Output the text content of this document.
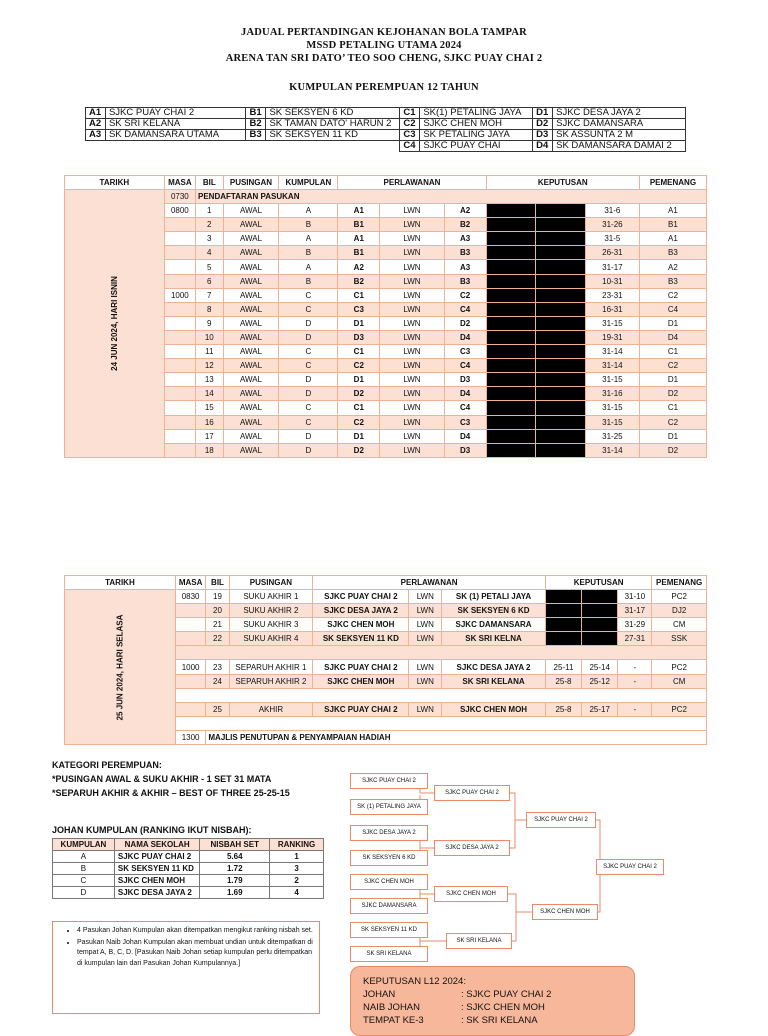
JADUAL PERTANDINGAN KEJOHANAN BOLA TAMPAR
MSSD PETALING UTAMA 2024
ARENA TAN SRI DATO’ TEO SOO CHENG, SJKC PUAY CHAI 2
KUMPULAN PEREMPUAN 12 TAHUN
A1	SJKC PUAY CHAI 2	B1	SK SEKSYEN 6 KD	C1	SK(1) PETALING JAYA	D1	SJKC DESA JAYA 2
A2	SK SRI KELANA	B2	SK TAMAN DATO' HARUN 2	C2	SJKC CHEN MOH	D2	SJKC DAMANSARA
A3	SK DAMANSARA UTAMA	B3	SK SEKSYEN 11 KD	C3	SK PETALING JAYA	D3	SK ASSUNTA 2 M
				C4	SJKC PUAY CHAI	D4	SK DAMANSARA DAMAI 2
TARIKH	MASA	BIL	PUSINGAN	KUMPULAN	PERLAWANAN			KEPUTUSAN			PEMENANG
24 JUN 2024, HARI ISNIN	0730	PENDAFTARAN PASUKAN									
	0800	1	AWAL	A	A1	LWN	A2			31-6	A1
		2	AWAL	B	B1	LWN	B2			31-26	B1
		3	AWAL	A	A1	LWN	A3			31-5	A1
		4	AWAL	B	B1	LWN	B3			26-31	B3
		5	AWAL	A	A2	LWN	A3			31-17	A2
		6	AWAL	B	B2	LWN	B3			10-31	B3
	1000	7	AWAL	C	C1	LWN	C2			23-31	C2
		8	AWAL	C	C3	LWN	C4			16-31	C4
		9	AWAL	D	D1	LWN	D2			31-15	D1
		10	AWAL	D	D3	LWN	D4			19-31	D4
		11	AWAL	C	C1	LWN	C3			31-14	C1
		12	AWAL	C	C2	LWN	C4			31-14	C2
		13	AWAL	D	D1	LWN	D3			31-15	D1
		14	AWAL	D	D2	LWN	D4			31-16	D2
		15	AWAL	C	C1	LWN	C4			31-15	C1
		16	AWAL	C	C2	LWN	C3			31-15	C2
		17	AWAL	D	D1	LWN	D4			31-25	D1
		18	AWAL	D	D2	LWN	D3			31-14	D2
TARIKH	MASA	BIL	PUSINGAN	PERLAWANAN			KEPUTUSAN			PEMENANG
25 JUN 2024, HARI SELASA	0830	19	SUKU AKHIR 1	SJKC PUAY CHAI 2	LWN	SK (1) PETALI JAYA			31-10	PC2
		20	SUKU AKHIR 2	SJKC DESA JAYA 2	LWN	SK SEKSYEN 6 KD			31-17	DJ2
		21	SUKU AKHIR 3	SJKC CHEN MOH	LWN	SJKC DAMANSARA			31-29	CM
		22	SUKU AKHIR 4	SK SEKSYEN 11 KD	LWN	SK SRI KELNA			27-31	SSK

	1000	23	SEPARUH AKHIR 1	SJKC PUAY CHAI 2	LWN	SJKC DESA JAYA 2	25-11	25-14	-	PC2
		24	SEPARUH AKHIR 2	SJKC CHEN MOH	LWN	SK SRI KELANA	25-8	25-12	-	CM

		25	AKHIR	SJKC PUAY CHAI 2	LWN	SJKC CHEN MOH	25-8	25-17	-	PC2

	1300	MAJLIS PENUTUPAN & PENYAMPAIAN HADIAH								
KATEGORI PEREMPUAN:
*PUSINGAN AWAL & SUKU AKHIR - 1 SET 31 MATA
*SEPARUH AKHIR & AKHIR – BEST OF THREE 25-25-15
JOHAN KUMPULAN (RANKING IKUT NISBAH):
KUMPULAN	NAMA SEKOLAH	NISBAH SET	RANKING
A	SJKC PUAY CHAI 2	5.64	1
B	SK SEKSYEN 11 KD	1.72	3
C	SJKC CHEN MOH	1.79	2
D	SJKC DESA JAYA 2	1.69	4
• 4 Pasukan Johan Kumpulan akan ditempatkan mengikut ranking nisbah set.
• Pasukan Naib Johan Kumpulan akan membuat undian untuk ditempatkan di tempat A, B, C, D. [Pasukan Naib Johan setiap kumpulan perlu ditempatkan di kumpulan lain dari Pasukan Johan Kumpulannya.]
SJKC PUAY CHAI 2
SK (1) PETALING JAYA
SJKC DESA JAYA 2
SK SEKSYEN 6 KD
SJKC CHEN MOH
SJKC DAMANSARA
SK SEKSYEN 11 KD
SK SRI KELANA
SJKC PUAY CHAI 2
SJKC DESA JAYA 2
SJKC CHEN MOH
SK SRI KELANA
SJKC PUAY CHAI 2
SJKC CHEN MOH
SJKC PUAY CHAI 2
KEPUTUSAN L12 2024:
JOHAN	: SJKC PUAY CHAI 2
NAIB JOHAN	: SJKC CHEN MOH
TEMPAT KE-3	: SK SRI KELANA
